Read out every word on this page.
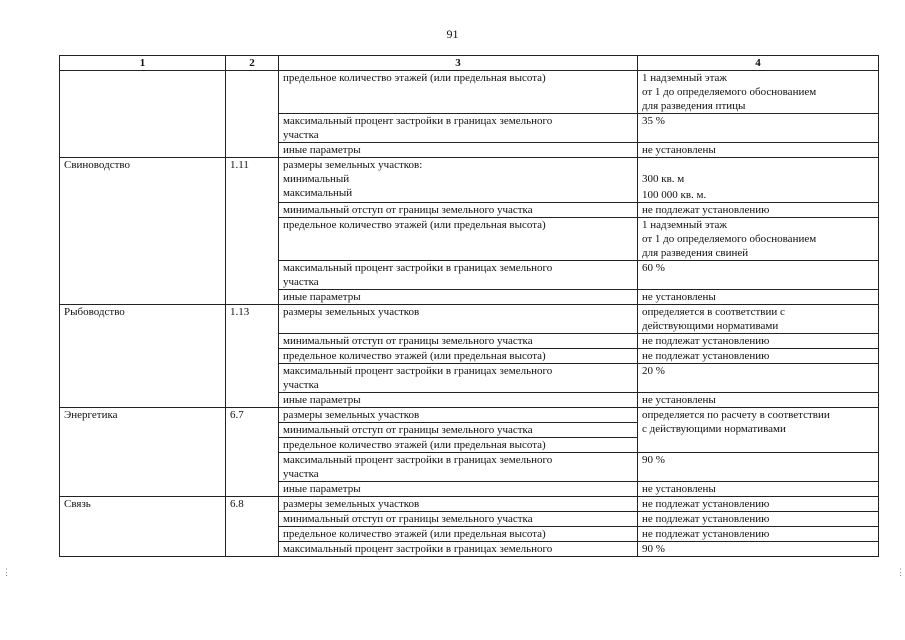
91
1	2	3	4

		предельное количество этажей (или предельная высота)	1 надземный этаж
от 1 до определяемого обоснованием
для разведения птицы

		максимальный процент застройки в границах земельного
участка	35 %

		иные параметры	не установлены

Свиноводство	1.11	размеры земельных участков:
минимальный
максимальный	300 кв. м
100 000 кв. м.

		минимальный отступ от границы земельного участка	не подлежат установлению

		предельное количество этажей (или предельная высота)	1 надземный этаж
от 1 до определяемого обоснованием
для разведения свиней

		максимальный процент застройки в границах земельного
участка	60 %

		иные параметры	не установлены

Рыбоводство	1.13	размеры земельных участков	определяется в соответствии с
действующими нормативами

		минимальный отступ от границы земельного участка	не подлежат установлению

		предельное количество этажей (или предельная высота)	не подлежат установлению

		максимальный процент застройки в границах земельного
участка	20 %

		иные параметры	не установлены

Энергетика	6.7	размеры земельных участков	определяется по расчету в соответствии
с действующими нормативами

		минимальный отступ от границы земельного участка	

		предельное количество этажей (или предельная высота)	

		максимальный процент застройки в границах земельного
участка	90 %

		иные параметры	не установлены

Связь	6.8	размеры земельных участков	не подлежат установлению

		минимальный отступ от границы земельного участка	не подлежат установлению

		предельное количество этажей (или предельная высота)	не подлежат установлению

		максимальный процент застройки в границах земельного	90 %
⋮	⋮
